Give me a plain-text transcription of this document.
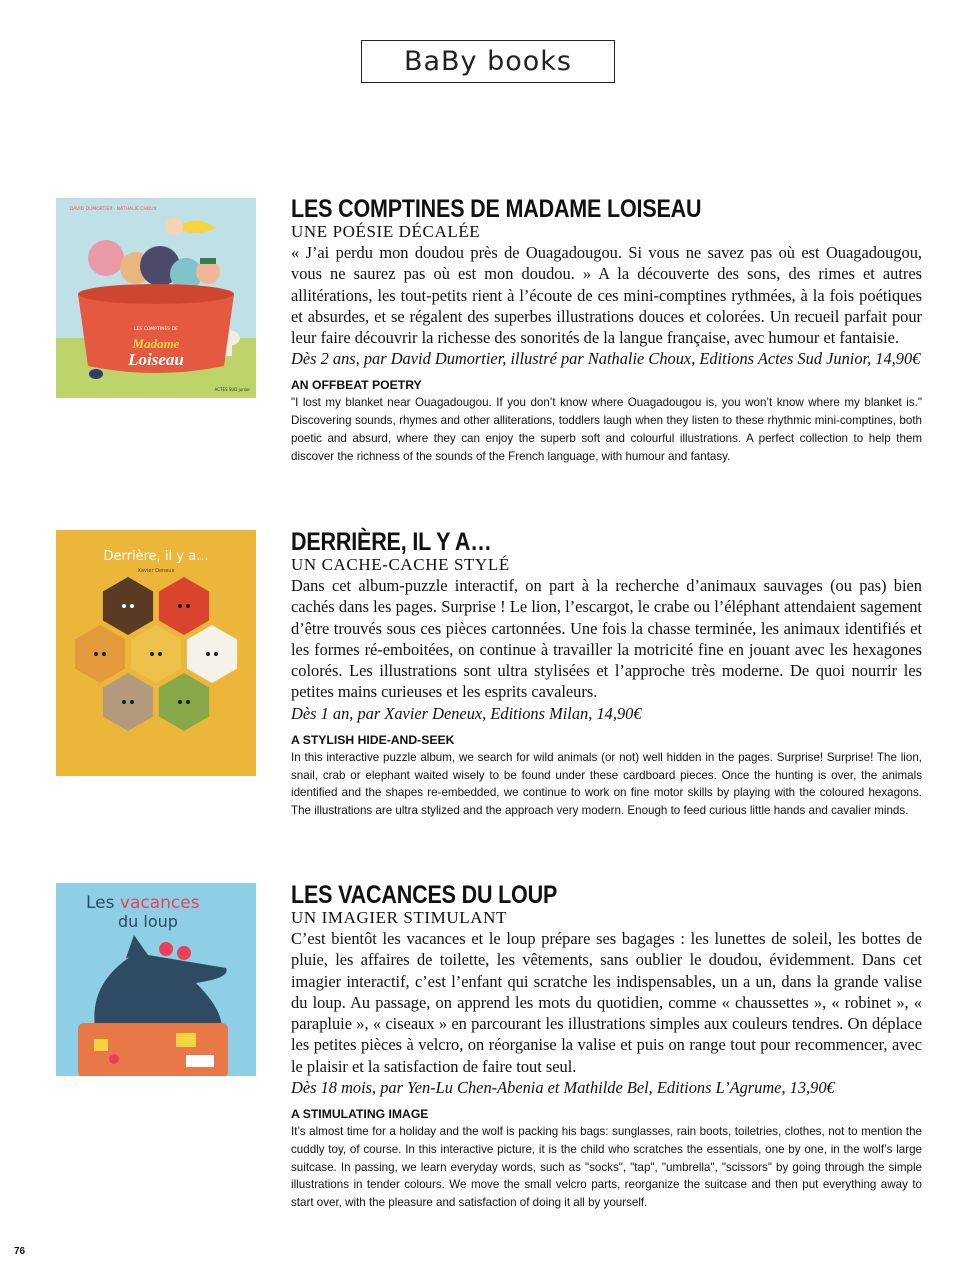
BaBy books
DAVID DUMORTIER · NATHALIE CHOUX
LES COMPTINES DE
Madame
Loiseau
ACTES SUD junior
LES COMPTINES DE MADAME LOISEAU
UNE POÉSIE DÉCALÉE
« J’ai perdu mon doudou près de Ouagadougou. Si vous ne savez pas où est Ouagadougou, vous ne saurez pas où est mon doudou. » A la découverte des sons, des rimes et autres allitérations, les tout-petits rient à l’écoute de ces mini-comptines rythmées, à la fois poétiques et absurdes, et se régalent des superbes illustrations douces et colorées. Un recueil parfait pour leur faire découvrir la richesse des sonorités de la langue française, avec humour et fantaisie.
Dès 2 ans, par David Dumortier, illustré par Nathalie Choux, Editions Actes Sud Junior, 14,90€
AN OFFBEAT POETRY
"I lost my blanket near Ouagadougou. If you don’t know where Ouagadougou is, you won’t know where my blanket is." Discovering sounds, rhymes and other alliterations, toddlers laugh when they listen to these rhythmic mini-comptines, both poetic and absurd, where they can enjoy the superb soft and colourful illustrations. A perfect collection to help them discover the richness of the sounds of the French language, with humour and fantasy.
Derrière, il y a...
Xavier Deneux
DERRIÈRE, IL Y A…
UN CACHE-CACHE STYLÉ
Dans cet album-puzzle interactif, on part à la recherche d’animaux sauvages (ou pas) bien cachés dans les pages. Surprise ! Le lion, l’escargot, le crabe ou l’éléphant attendaient sagement d’être trouvés sous ces pièces cartonnées. Une fois la chasse terminée, les animaux identifiés et les formes ré-emboitées, on continue à travailler la motricité fine en jouant avec les hexagones colorés. Les illustrations sont ultra stylisées et l’approche très moderne. De quoi nourrir les petites mains curieuses et les esprits cavaleurs.
Dès 1 an, par Xavier Deneux, Editions Milan, 14,90€
A STYLISH HIDE-AND-SEEK
In this interactive puzzle album, we search for wild animals (or not) well hidden in the pages. Surprise! Surprise! The lion, snail, crab or elephant waited wisely to be found under these cardboard pieces. Once the hunting is over, the animals identified and the shapes re-embedded, we continue to work on fine motor skills by playing with the coloured hexagons. The illustrations are ultra stylized and the approach very modern. Enough to feed curious little hands and cavalier minds.
Les vacances
du loup
LES VACANCES DU LOUP
UN IMAGIER STIMULANT
C’est bientôt les vacances et le loup prépare ses bagages : les lunettes de soleil, les bottes de pluie, les affaires de toilette, les vêtements, sans oublier le doudou, évidemment. Dans cet imagier interactif, c’est l’enfant qui scratche les indispensables, un a un, dans la grande valise du loup. Au passage, on apprend les mots du quotidien, comme « chaussettes », « robinet », « parapluie », « ciseaux » en parcourant les illustrations simples aux couleurs tendres. On déplace les petites pièces à velcro, on réorganise la valise et puis on range tout pour recommencer, avec le plaisir et la satisfaction de faire tout seul.
Dès 18 mois, par Yen-Lu Chen-Abenia et Mathilde Bel, Editions L’Agrume, 13,90€
A STIMULATING IMAGE
It’s almost time for a holiday and the wolf is packing his bags: sunglasses, rain boots, toiletries, clothes, not to mention the cuddly toy, of course. In this interactive picture, it is the child who scratches the essentials, one by one, in the wolf’s large suitcase. In passing, we learn everyday words, such as "socks", "tap", "umbrella", "scissors" by going through the simple illustrations in tender colours. We move the small velcro parts, reorganize the suitcase and then put everything away to start over, with the pleasure and satisfaction of doing it all by yourself.
76
